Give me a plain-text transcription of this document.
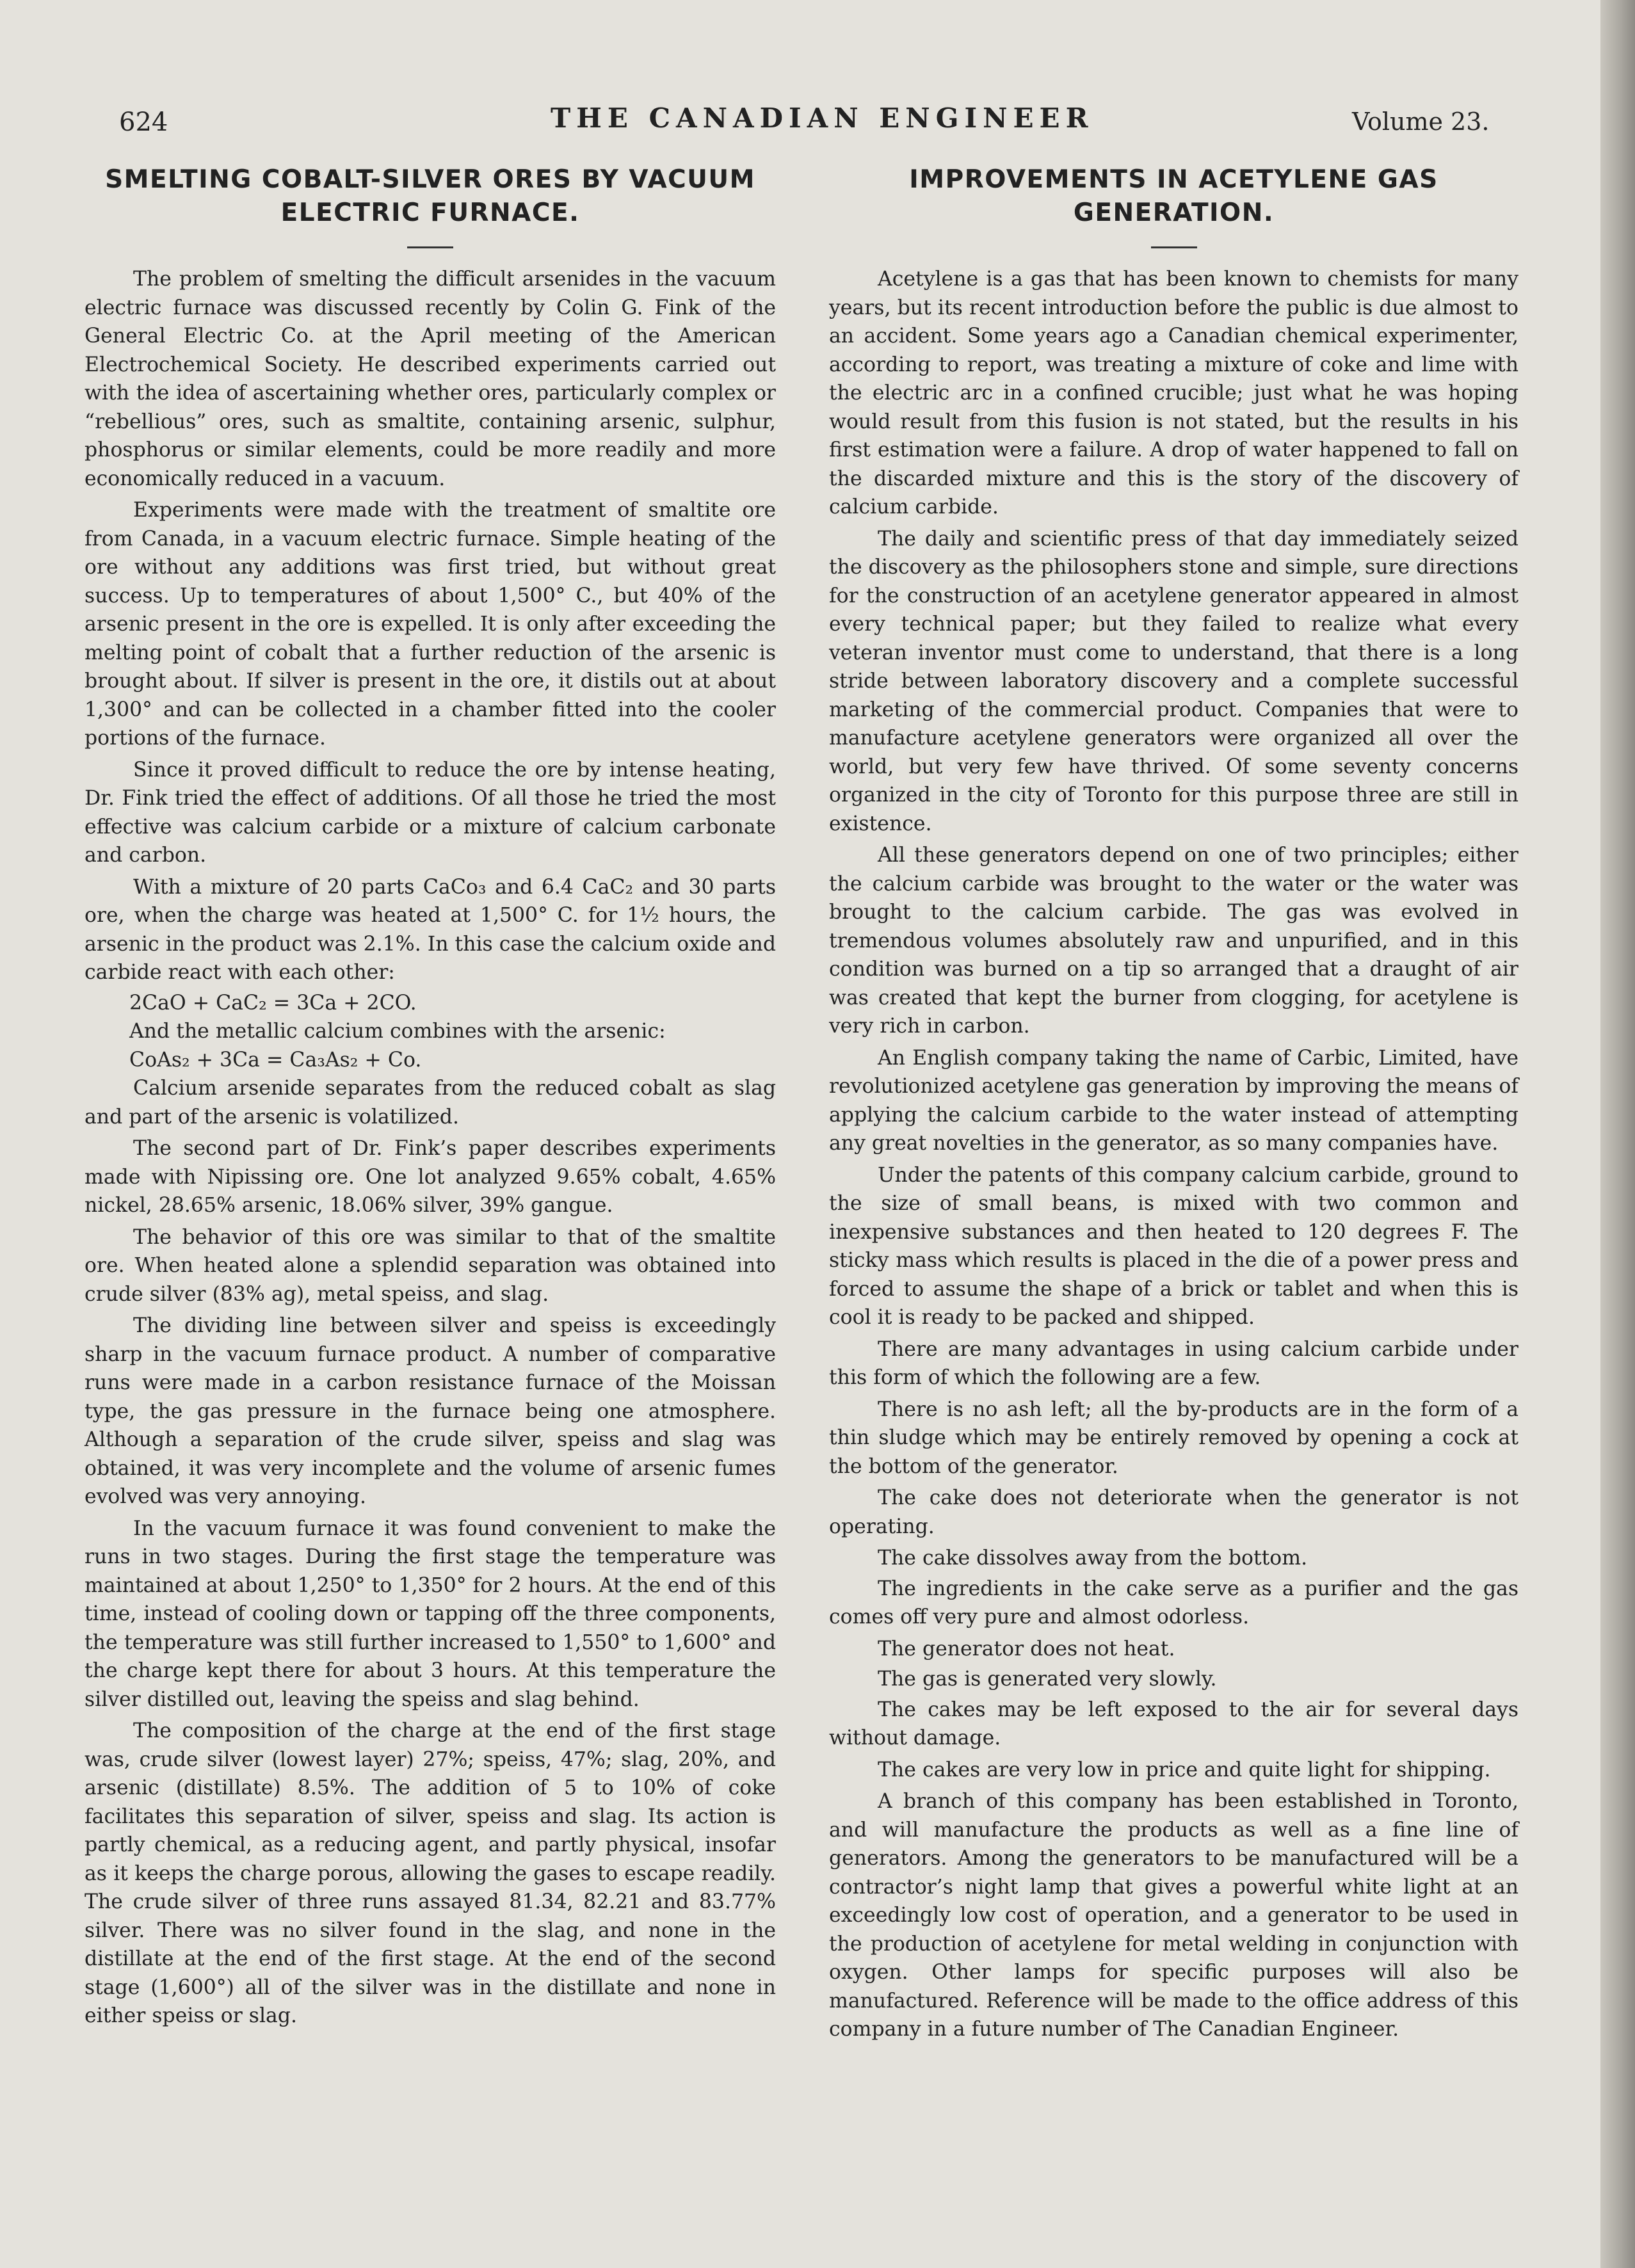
624	THE CANADIAN ENGINEER	Volume 23.
SMELTING COBALT-SILVER ORES BY VACUUM ELECTRIC FURNACE.

The problem of smelting the difficult arsenides in the vacuum electric furnace was discussed recently by Colin G. Fink of the General Electric Co. at the April meeting of the American Electrochemical Society. He described experiments carried out with the idea of ascertaining whether ores, particularly complex or “rebellious” ores, such as smaltite, containing arsenic, sulphur, phosphorus or similar elements, could be more readily and more economically reduced in a vacuum.

Experiments were made with the treatment of smaltite ore from Canada, in a vacuum electric furnace. Simple heating of the ore without any additions was first tried, but without great success. Up to temperatures of about 1,500° C., but 40% of the arsenic present in the ore is expelled. It is only after exceeding the melting point of cobalt that a further reduction of the arsenic is brought about. If silver is present in the ore, it distils out at about 1,300° and can be collected in a chamber fitted into the cooler portions of the furnace.

Since it proved difficult to reduce the ore by intense heating, Dr. Fink tried the effect of additions. Of all those he tried the most effective was calcium carbide or a mixture of calcium carbonate and carbon.

With a mixture of 20 parts CaCo₃ and 6.4 CaC₂ and 30 parts ore, when the charge was heated at 1,500° C. for 1½ hours, the arsenic in the product was 2.1%. In this case the calcium oxide and carbide react with each other:

2CaO + CaC₂ = 3Ca + 2CO.

And the metallic calcium combines with the arsenic:

CoAs₂ + 3Ca = Ca₃As₂ + Co.

Calcium arsenide separates from the reduced cobalt as slag and part of the arsenic is volatilized.

The second part of Dr. Fink’s paper describes experiments made with Nipissing ore. One lot analyzed 9.65% cobalt, 4.65% nickel, 28.65% arsenic, 18.06% silver, 39% gangue.

The behavior of this ore was similar to that of the smaltite ore. When heated alone a splendid separation was obtained into crude silver (83% ag), metal speiss, and slag.

The dividing line between silver and speiss is exceedingly sharp in the vacuum furnace product. A number of comparative runs were made in a carbon resistance furnace of the Moissan type, the gas pressure in the furnace being one atmosphere. Although a separation of the crude silver, speiss and slag was obtained, it was very incomplete and the volume of arsenic fumes evolved was very annoying.

In the vacuum furnace it was found convenient to make the runs in two stages. During the first stage the temperature was maintained at about 1,250° to 1,350° for 2 hours. At the end of this time, instead of cooling down or tapping off the three components, the temperature was still further increased to 1,550° to 1,600° and the charge kept there for about 3 hours. At this temperature the silver distilled out, leaving the speiss and slag behind.

The composition of the charge at the end of the first stage was, crude silver (lowest layer) 27%; speiss, 47%; slag, 20%, and arsenic (distillate) 8.5%. The addition of 5 to 10% of coke facilitates this separation of silver, speiss and slag. Its action is partly chemical, as a reducing agent, and partly physical, insofar as it keeps the charge porous, allowing the gases to escape readily. The crude silver of three runs assayed 81.34, 82.21 and 83.77% silver. There was no silver found in the slag, and none in the distillate at the end of the first stage. At the end of the second stage (1,600°) all of the silver was in the distillate and none in either speiss or slag.

IMPROVEMENTS IN ACETYLENE GAS GENERATION.

Acetylene is a gas that has been known to chemists for many years, but its recent introduction before the public is due almost to an accident. Some years ago a Canadian chemical experimenter, according to report, was treating a mixture of coke and lime with the electric arc in a confined crucible; just what he was hoping would result from this fusion is not stated, but the results in his first estimation were a failure. A drop of water happened to fall on the discarded mixture and this is the story of the discovery of calcium carbide.

The daily and scientific press of that day immediately seized the discovery as the philosophers stone and simple, sure directions for the construction of an acetylene generator appeared in almost every technical paper; but they failed to realize what every veteran inventor must come to understand, that there is a long stride between laboratory discovery and a complete successful marketing of the commercial product. Companies that were to manufacture acetylene generators were organized all over the world, but very few have thrived. Of some seventy concerns organized in the city of Toronto for this purpose three are still in existence.

All these generators depend on one of two principles; either the calcium carbide was brought to the water or the water was brought to the calcium carbide. The gas was evolved in tremendous volumes absolutely raw and unpurified, and in this condition was burned on a tip so arranged that a draught of air was created that kept the burner from clogging, for acetylene is very rich in carbon.

An English company taking the name of Carbic, Limited, have revolutionized acetylene gas generation by improving the means of applying the calcium carbide to the water instead of attempting any great novelties in the generator, as so many companies have.

Under the patents of this company calcium carbide, ground to the size of small beans, is mixed with two common and inexpensive substances and then heated to 120 degrees F. The sticky mass which results is placed in the die of a power press and forced to assume the shape of a brick or tablet and when this is cool it is ready to be packed and shipped.

There are many advantages in using calcium carbide under this form of which the following are a few.

There is no ash left; all the by-products are in the form of a thin sludge which may be entirely removed by opening a cock at the bottom of the generator.

The cake does not deteriorate when the generator is not operating.

The cake dissolves away from the bottom.

The ingredients in the cake serve as a purifier and the gas comes off very pure and almost odorless.

The generator does not heat.

The gas is generated very slowly.

The cakes may be left exposed to the air for several days without damage.

The cakes are very low in price and quite light for shipping.

A branch of this company has been established in Toronto, and will manufacture the products as well as a fine line of generators. Among the generators to be manufactured will be a contractor’s night lamp that gives a powerful white light at an exceedingly low cost of operation, and a generator to be used in the production of acetylene for metal welding in conjunction with oxygen. Other lamps for specific purposes will also be manufactured. Reference will be made to the office address of this company in a future number of The Canadian Engineer.
